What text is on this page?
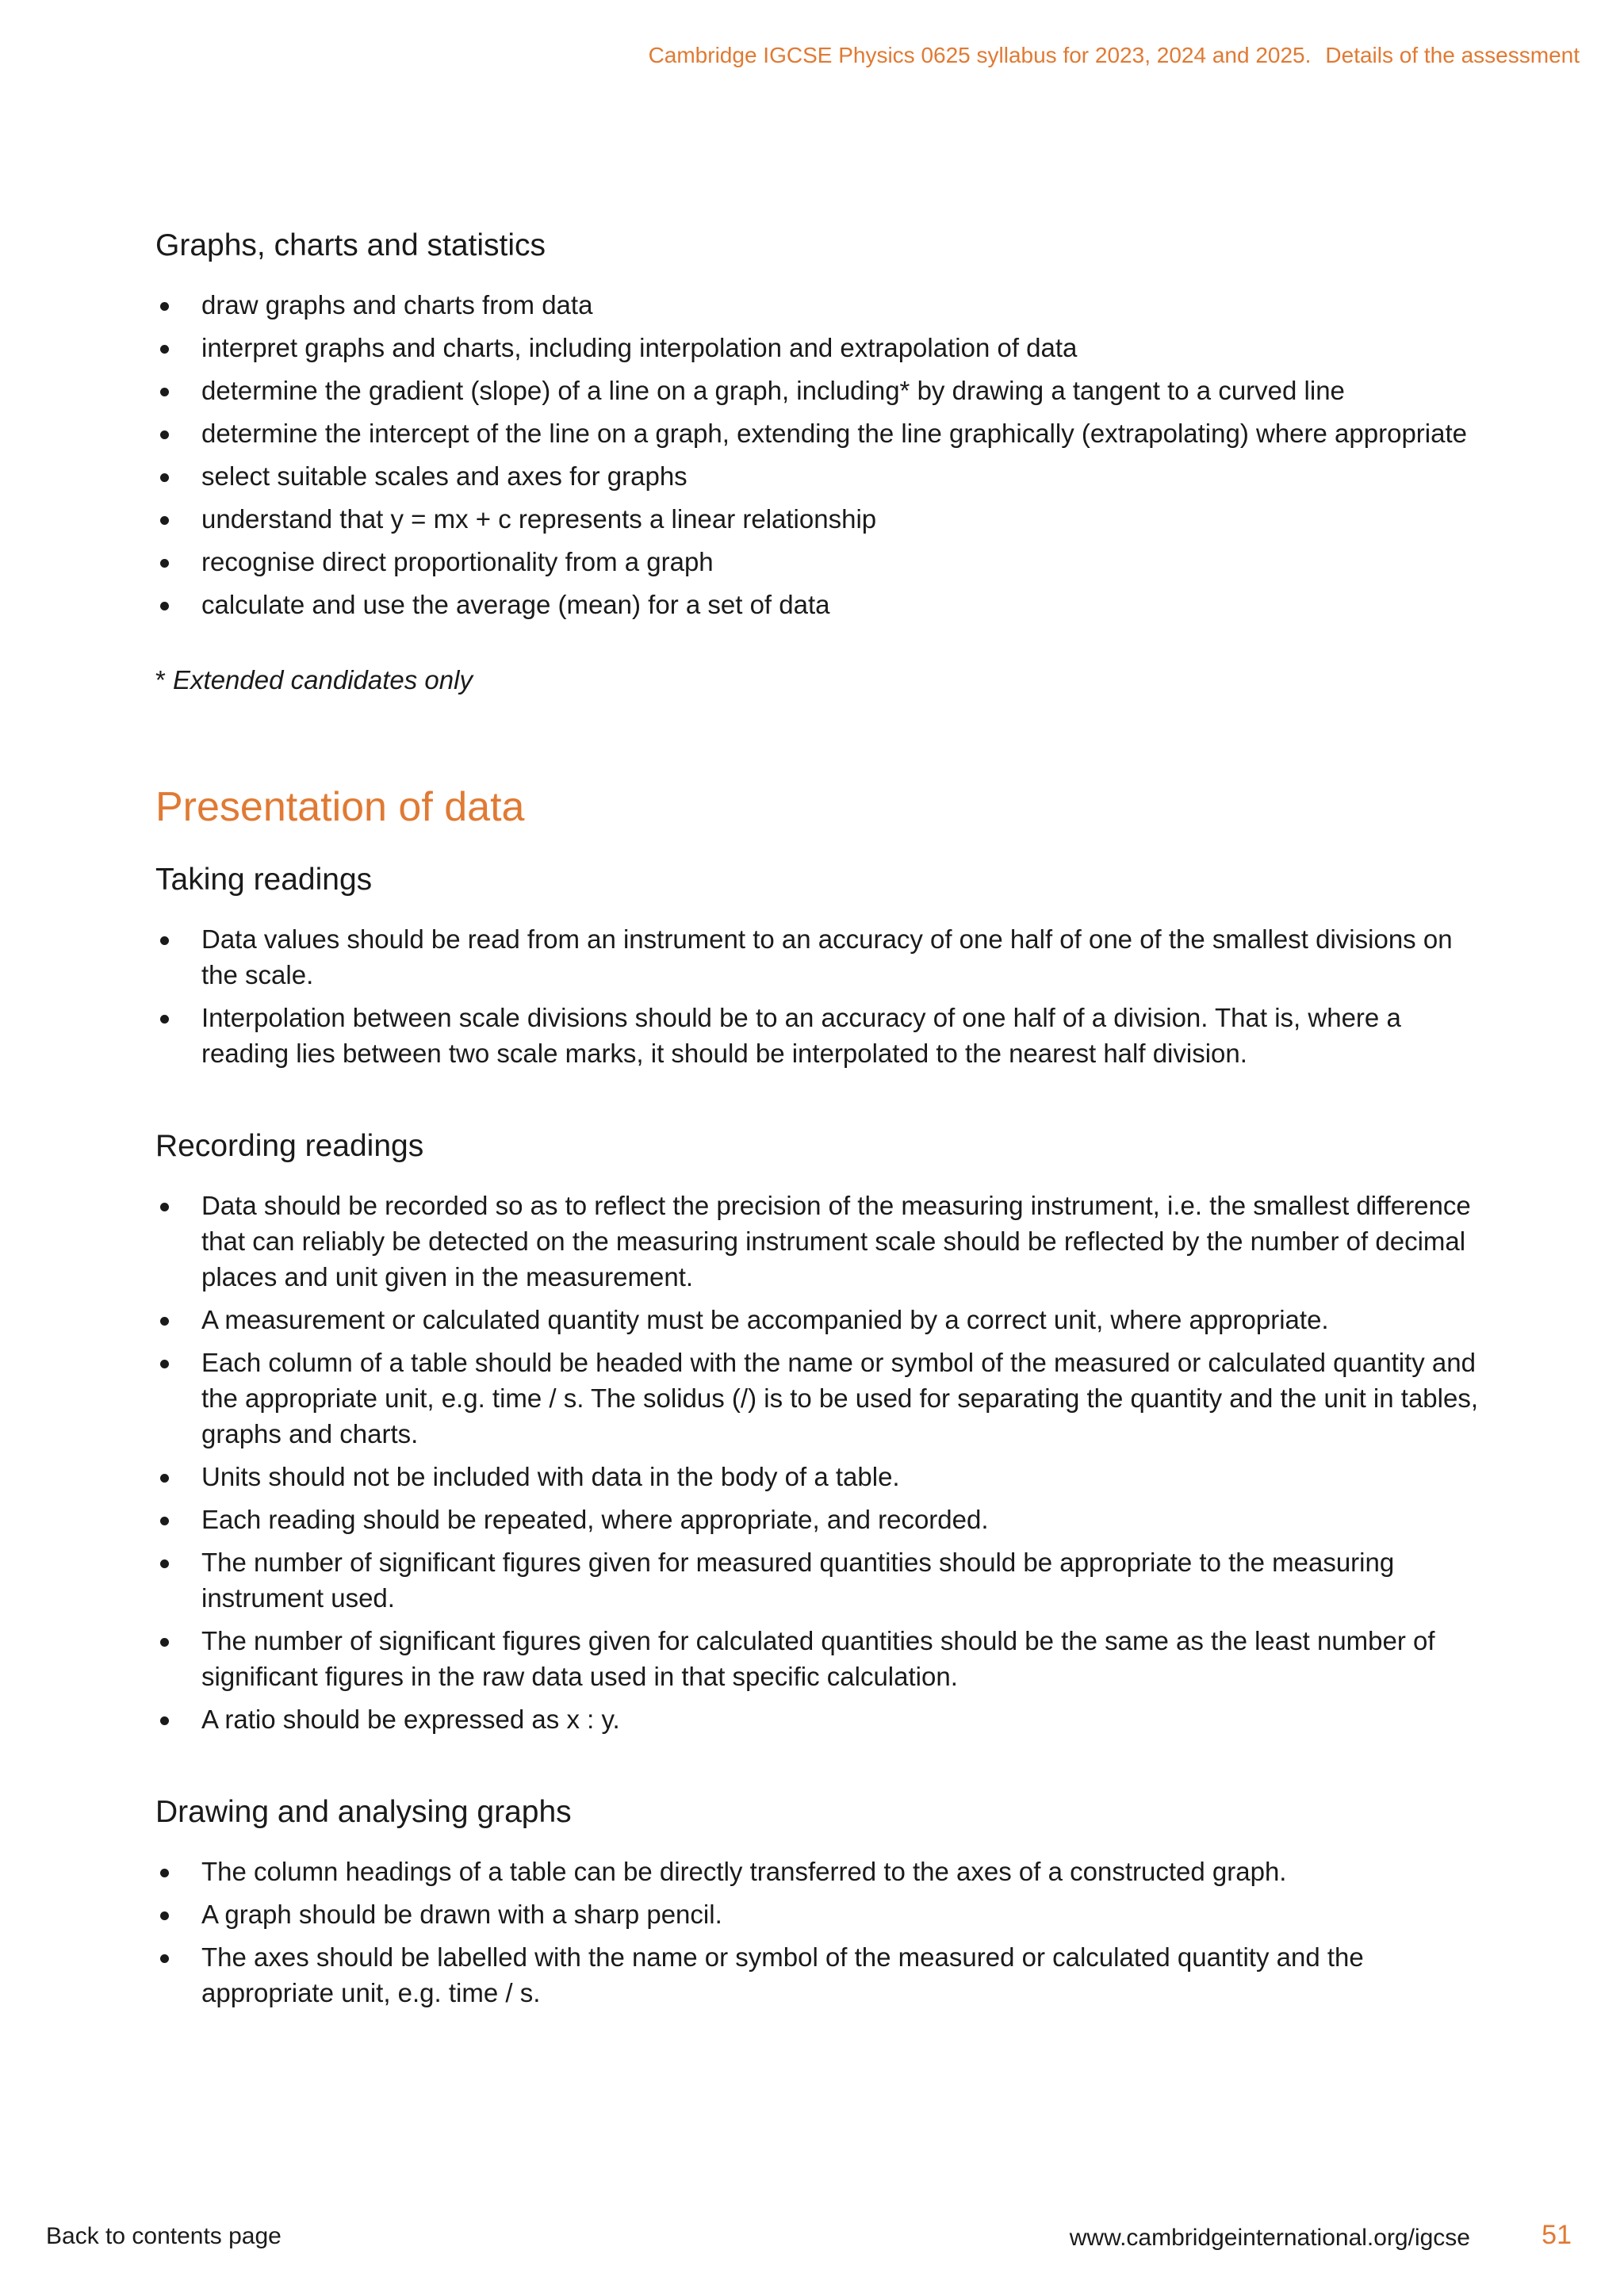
Cambridge IGCSE Physics 0625 syllabus for 2023, 2024 and 2025. Details of the assessment
Graphs, charts and statistics
draw graphs and charts from data
interpret graphs and charts, including interpolation and extrapolation of data
determine the gradient (slope) of a line on a graph, including* by drawing a tangent to a curved line
determine the intercept of the line on a graph, extending the line graphically (extrapolating) where appropriate
select suitable scales and axes for graphs
understand that y = mx + c represents a linear relationship
recognise direct proportionality from a graph
calculate and use the average (mean) for a set of data

* Extended candidates only

Presentation of data
Taking readings
Data values should be read from an instrument to an accuracy of one half of one of the smallest divisions on the scale.
Interpolation between scale divisions should be to an accuracy of one half of a division. That is, where a reading lies between two scale marks, it should be interpolated to the nearest half division.
Recording readings
Data should be recorded so as to reflect the precision of the measuring instrument, i.e. the smallest difference that can reliably be detected on the measuring instrument scale should be reflected by the number of decimal places and unit given in the measurement.
A measurement or calculated quantity must be accompanied by a correct unit, where appropriate.
Each column of a table should be headed with the name or symbol of the measured or calculated quantity and the appropriate unit, e.g. time / s. The solidus (/) is to be used for separating the quantity and the unit in tables, graphs and charts.
Units should not be included with data in the body of a table.
Each reading should be repeated, where appropriate, and recorded.
The number of significant figures given for measured quantities should be appropriate to the measuring instrument used.
The number of significant figures given for calculated quantities should be the same as the least number of significant figures in the raw data used in that specific calculation.
A ratio should be expressed as x : y.
Drawing and analysing graphs
The column headings of a table can be directly transferred to the axes of a constructed graph.
A graph should be drawn with a sharp pencil.
The axes should be labelled with the name or symbol of the measured or calculated quantity and the appropriate unit, e.g. time / s.
Back to contents page	www.cambridgeinternational.org/igcse	51
